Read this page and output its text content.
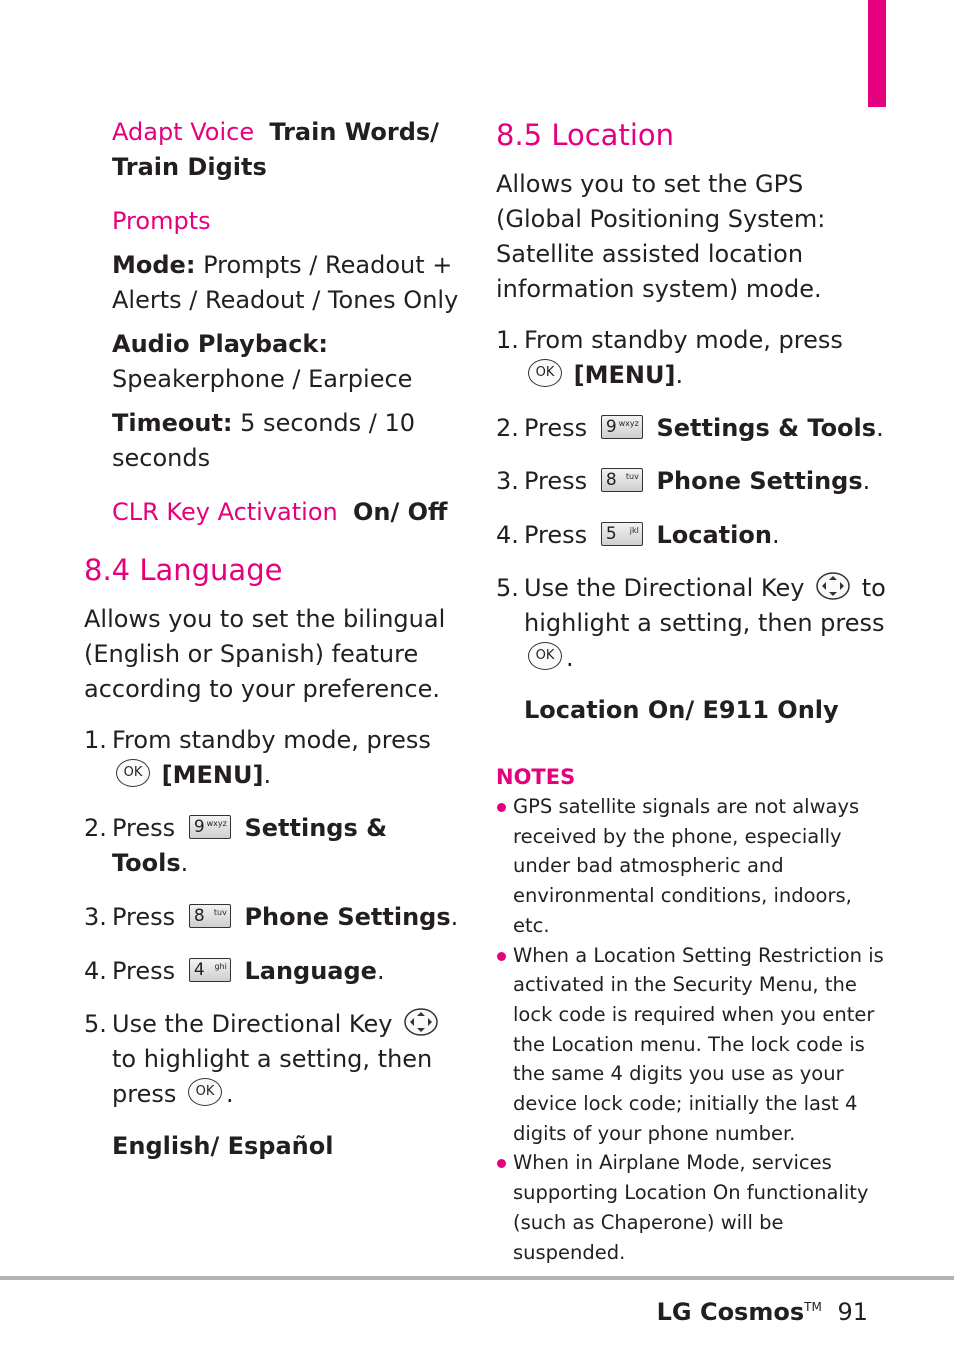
Adapt Voice Train Words/ Train Digits

Prompts

Mode: Prompts / Readout + Alerts / Readout / Tones Only

Audio Playback: Speakerphone / Earpiece

Timeout: 5 seconds / 10 seconds

CLR Key Activation On/ Off

8.4 Language

Allows you to set the bilingual (English or Spanish) feature according to your preference.

1. From standby mode, press OK [MENU].

2. Press 9 wxyz Settings & Tools.

3. Press 8 tuv Phone Settings.

4. Press 4 ghi Language.

5. Use the Directional Key  to highlight a setting, then press OK .

English/ Español

8.5 Location

Allows you to set the GPS (Global Positioning System: Satellite assisted location information system) mode.

1. From standby mode, press OK [MENU].

2. Press 9 wxyz Settings & Tools.

3. Press 8 tuv Phone Settings.

4. Press 5 jkl Location.

5. Use the Directional Key to highlight a setting, then press OK .

Location On/ E911 Only

NOTES

GPS satellite signals are not always received by the phone, especially under bad atmospheric and environmental conditions, indoors, etc.

When a Location Setting Restriction is activated in the Security Menu, the lock code is required when you enter the Location menu. The lock code is the same 4 digits you use as your device lock code; initially the last 4 digits of your phone number.

When in Airplane Mode, services supporting Location On functionality (such as Chaperone) will be suspended.

LG Cosmos™ 91
